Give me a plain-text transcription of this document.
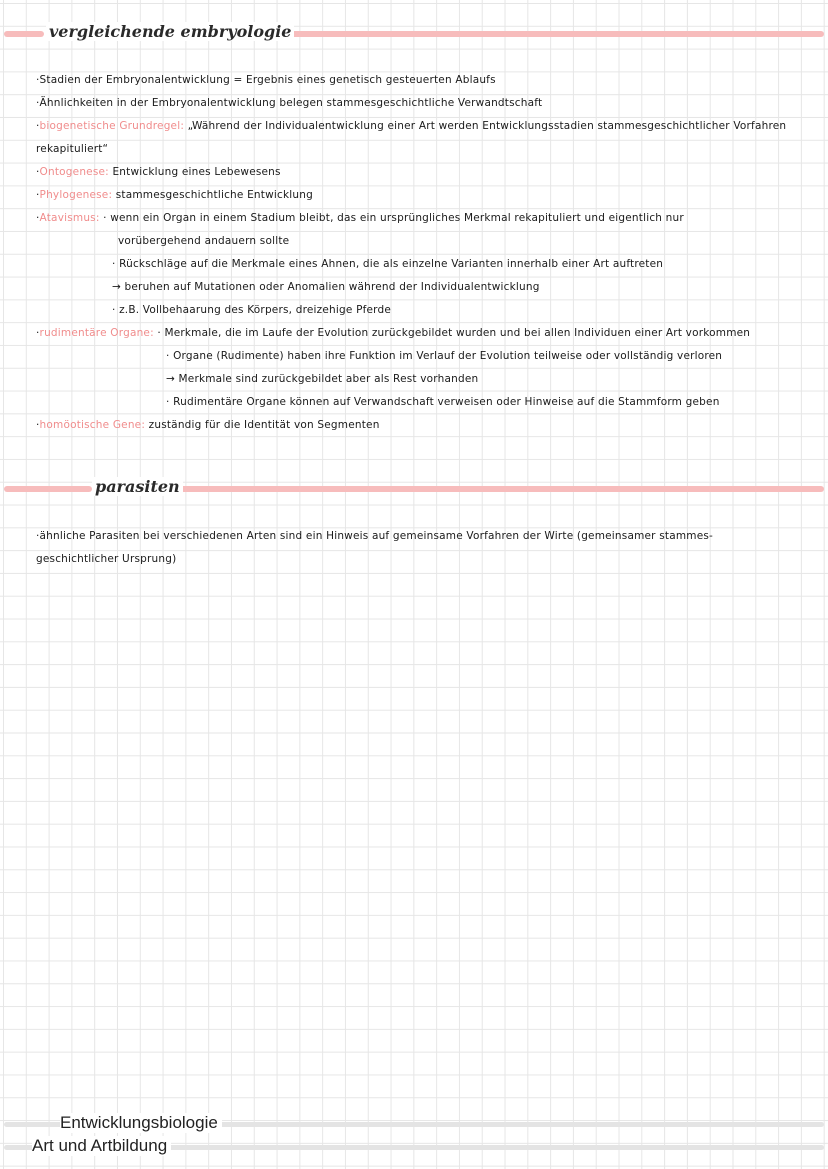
vergleichende embryologie
·Stadien der Embryonalentwicklung = Ergebnis eines genetisch gesteuerten Ablaufs
·Ähnlichkeiten in der Embryonalentwicklung belegen stammesgeschichtliche Verwandtschaft
·biogenetische Grundregel: „Während der Individualentwicklung einer Art werden Entwicklungsstadien stammesgeschichtlicher Vorfahren
rekapituliert“
·Ontogenese: Entwicklung eines Lebewesens
·Phylogenese: stammesgeschichtliche Entwicklung
·Atavismus: · wenn ein Organ in einem Stadium bleibt, das ein ursprüngliches Merkmal rekapituliert und eigentlich nur
vorübergehend andauern sollte
· Rückschläge auf die Merkmale eines Ahnen, die als einzelne Varianten innerhalb einer Art auftreten
→ beruhen auf Mutationen oder Anomalien während der Individualentwicklung
· z.B. Vollbehaarung des Körpers, dreizehige Pferde
·rudimentäre Organe: · Merkmale, die im Laufe der Evolution zurückgebildet wurden und bei allen Individuen einer Art vorkommen
· Organe (Rudimente) haben ihre Funktion im Verlauf der Evolution teilweise oder vollständig verloren
→ Merkmale sind zurückgebildet aber als Rest vorhanden
· Rudimentäre Organe können auf Verwandschaft verweisen oder Hinweise auf die Stammform geben
·homöotische Gene: zuständig für die Identität von Segmenten
parasiten
·ähnliche Parasiten bei verschiedenen Arten sind ein Hinweis auf gemeinsame Vorfahren der Wirte (gemeinsamer stammes-
geschichtlicher Ursprung)
Entwicklungsbiologie
Art und Artbildung
